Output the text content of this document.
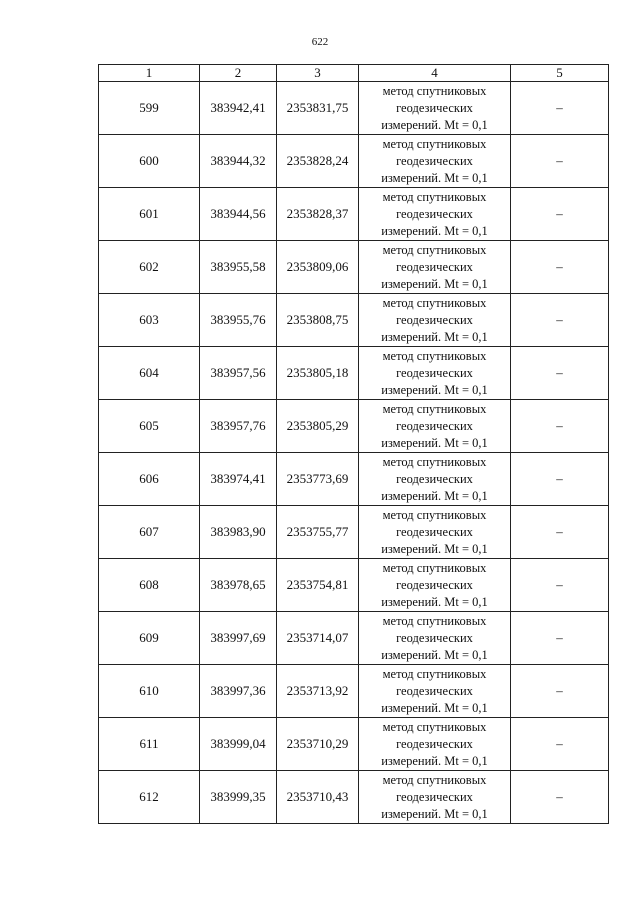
622
1	2	3	4	5
599	383942,41	2353831,75	метод спутниковых
геодезических
измерений. Mt = 0,1	–
600	383944,32	2353828,24	метод спутниковых
геодезических
измерений. Mt = 0,1	–
601	383944,56	2353828,37	метод спутниковых
геодезических
измерений. Mt = 0,1	–
602	383955,58	2353809,06	метод спутниковых
геодезических
измерений. Mt = 0,1	–
603	383955,76	2353808,75	метод спутниковых
геодезических
измерений. Mt = 0,1	–
604	383957,56	2353805,18	метод спутниковых
геодезических
измерений. Mt = 0,1	–
605	383957,76	2353805,29	метод спутниковых
геодезических
измерений. Mt = 0,1	–
606	383974,41	2353773,69	метод спутниковых
геодезических
измерений. Mt = 0,1	–
607	383983,90	2353755,77	метод спутниковых
геодезических
измерений. Mt = 0,1	–
608	383978,65	2353754,81	метод спутниковых
геодезических
измерений. Mt = 0,1	–
609	383997,69	2353714,07	метод спутниковых
геодезических
измерений. Mt = 0,1	–
610	383997,36	2353713,92	метод спутниковых
геодезических
измерений. Mt = 0,1	–
611	383999,04	2353710,29	метод спутниковых
геодезических
измерений. Mt = 0,1	–
612	383999,35	2353710,43	метод спутниковых
геодезических
измерений. Mt = 0,1	–
